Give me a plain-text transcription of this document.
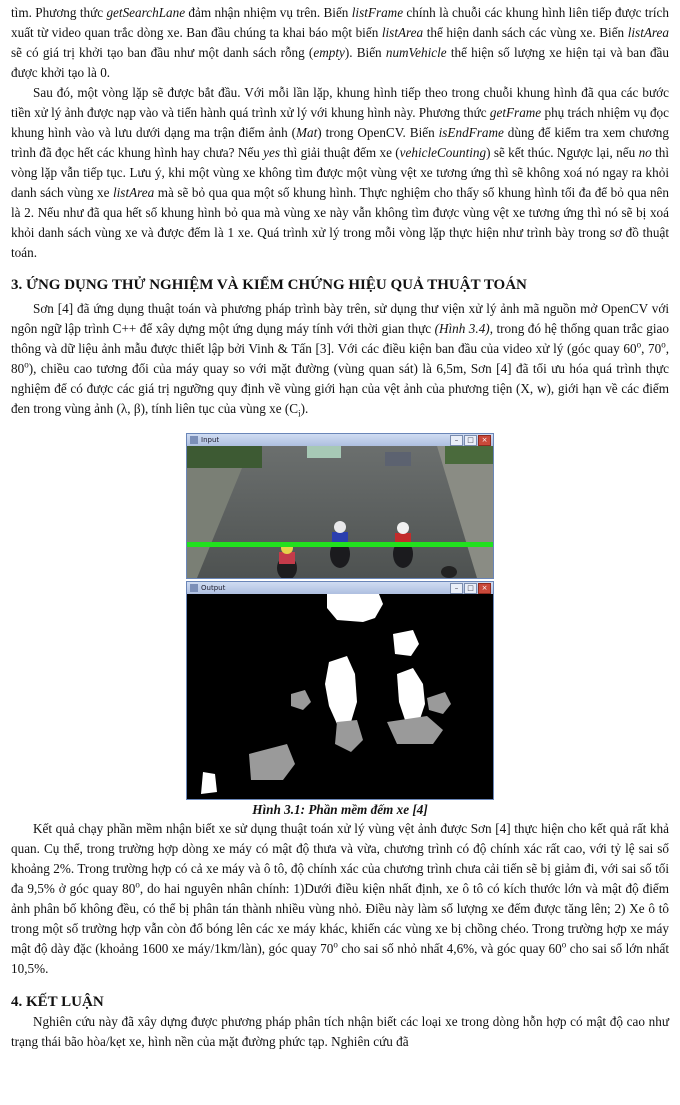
tìm. Phương thức getSearchLane đảm nhận nhiệm vụ trên. Biến listFrame chính là chuỗi các khung hình liên tiếp được trích xuất từ video quan trắc dòng xe. Ban đầu chúng ta khai báo một biến listArea thể hiện danh sách các vùng xe. Biến listArea sẽ có giá trị khởi tạo ban đầu như một danh sách rỗng (empty). Biến numVehicle thể hiện số lượng xe hiện tại và ban đầu được khởi tạo là 0.

Sau đó, một vòng lặp sẽ được bắt đầu. Với mỗi lần lặp, khung hình tiếp theo trong chuỗi khung hình đã qua các bước tiền xử lý ảnh được nạp vào và tiến hành quá trình xử lý với khung hình này. Phương thức getFrame phụ trách nhiệm vụ đọc khung hình vào và lưu dưới dạng ma trận điểm ảnh (Mat) trong OpenCV. Biến isEndFrame dùng để kiểm tra xem chương trình đã đọc hết các khung hình hay chưa? Nếu yes thì giải thuật đếm xe (vehicleCounting) sẽ kết thúc. Ngược lại, nếu no thì vòng lặp vẫn tiếp tục. Lưu ý, khi một vùng xe không tìm được một vùng vệt xe tương ứng thì sẽ không xoá nó ngay ra khỏi danh sách vùng xe listArea mà sẽ bỏ qua qua một số khung hình. Thực nghiệm cho thấy số khung hình tối đa để bỏ qua nên là 2. Nếu như đã qua hết số khung hình bỏ qua mà vùng xe này vẫn không tìm được vùng vệt xe tương ứng thì nó sẽ bị xoá khỏi danh sách vùng xe và được đếm là 1 xe. Quá trình xử lý trong mỗi vòng lặp thực hiện như trình bày trong sơ đồ thuật toán.

3. ỨNG DỤNG THỬ NGHIỆM VÀ KIỂM CHỨNG HIỆU QUẢ THUẬT TOÁN

Sơn [4] đã ứng dụng thuật toán và phương pháp trình bày trên, sử dụng thư viện xử lý ảnh mã nguồn mở OpenCV với ngôn ngữ lập trình C++ để xây dựng một ứng dụng máy tính với thời gian thực (Hình 3.4), trong đó hệ thống quan trắc giao thông và dữ liệu ảnh mẫu được thiết lập bởi Vinh & Tấn [3]. Với các điều kiện ban đầu của video xử lý (góc quay 60$^o$, 70$^o$, 80$^o$), chiều cao tương đối của máy quay so với mặt đường (vùng quan sát) là 6,5m, Sơn [4] đã tối ưu hóa quá trình thực nghiệm để có được các giá trị ngưỡng quy định về vùng giới hạn của vệt ảnh của phương tiện (X, w), giới hạn về các điểm đen trong vùng ảnh (λ, β), tính liên tục của vùng xe $(C_i)$.

Input	–	□	×
Output	–	□	×
Hình 3.1: Phần mềm đếm xe [4]

Kết quả chạy phần mềm nhận biết xe sử dụng thuật toán xử lý vùng vệt ảnh được Sơn [4] thực hiện cho kết quả rất khả quan. Cụ thể, trong trường hợp dòng xe máy có mật độ thưa và vừa, chương trình có độ chính xác rất cao, với tỷ lệ sai số khoảng 2%. Trong trường hợp có cả xe máy và ô tô, độ chính xác của chương trình chưa cải tiến sẽ bị giảm đi, với sai số tối đa 9,5% ở góc quay 80$^o$, do hai nguyên nhân chính: 1)Dưới điều kiện nhất định, xe ô tô có kích thước lớn và mật độ điểm ảnh phân bố không đều, có thể bị phân tán thành nhiều vùng nhỏ. Điều này làm số lượng xe đếm được tăng lên; 2) Xe ô tô trong một số trường hợp vẫn còn đổ bóng lên các xe máy khác, khiến các vùng xe bị chồng chéo. Trong trường hợp xe máy mật độ dày đặc (khoảng 1600 xe máy/1km/làn), góc quay 70$^o$ cho sai số nhỏ nhất 4,6%, và góc quay 60$^o$ cho sai số lớn nhất 10,5%.

4. KẾT LUẬN

Nghiên cứu này đã xây dựng được phương pháp phân tích nhận biết các loại xe trong dòng hỗn hợp có mật độ cao như trạng thái bão hòa/kẹt xe, hình nền của mặt đường phức tạp. Nghiên cứu đã
